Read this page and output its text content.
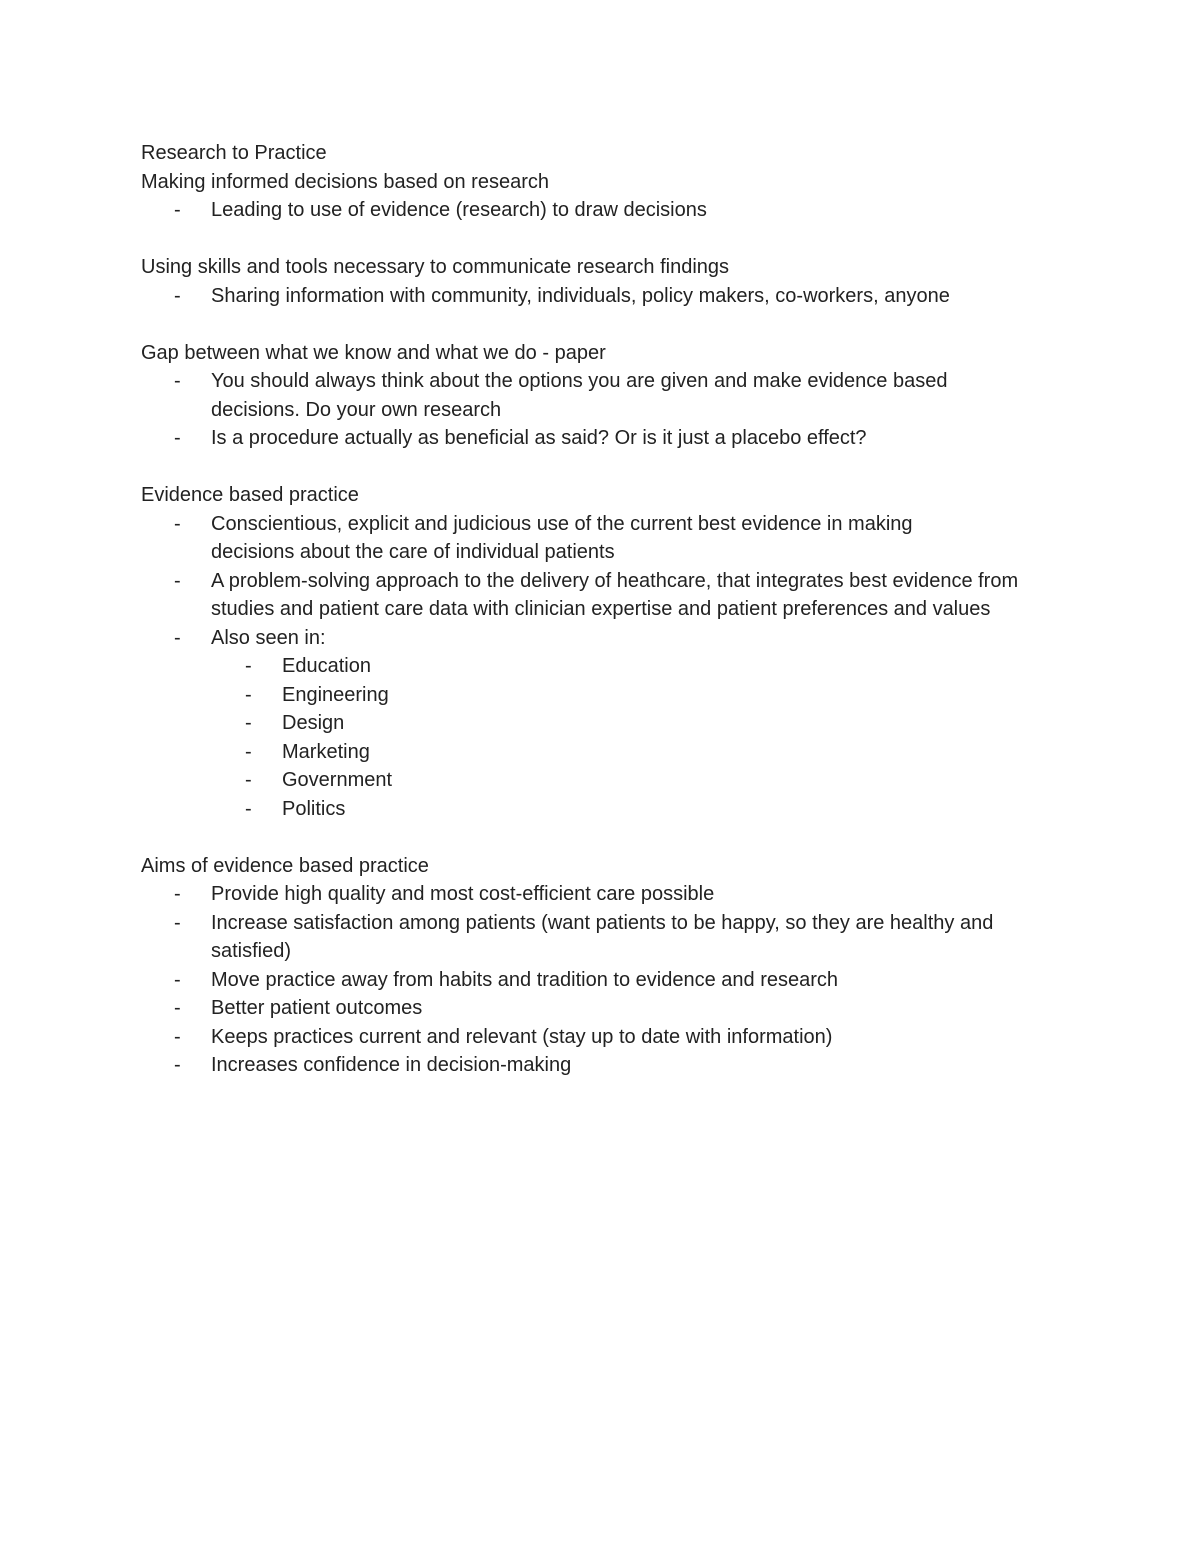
Research to Practice
Making informed decisions based on research
- Leading to use of evidence (research) to draw decisions
Using skills and tools necessary to communicate research findings
- Sharing information with community, individuals, policy makers, co-workers, anyone
Gap between what we know and what we do - paper
- You should always think about the options you are given and make evidence based decisions. Do your own research
- Is a procedure actually as beneficial as said? Or is it just a placebo effect?
Evidence based practice
- Conscientious, explicit and judicious use of the current best evidence in making decisions about the care of individual patients
- A problem-solving approach to the delivery of heathcare, that integrates best evidence from studies and patient care data with clinician expertise and patient preferences and values
- Also seen in:
- Education
- Engineering
- Design
- Marketing
- Government
- Politics
Aims of evidence based practice
- Provide high quality and most cost-efficient care possible
- Increase satisfaction among patients (want patients to be happy, so they are healthy and satisfied)
- Move practice away from habits and tradition to evidence and research
- Better patient outcomes
- Keeps practices current and relevant (stay up to date with information)
- Increases confidence in decision-making
